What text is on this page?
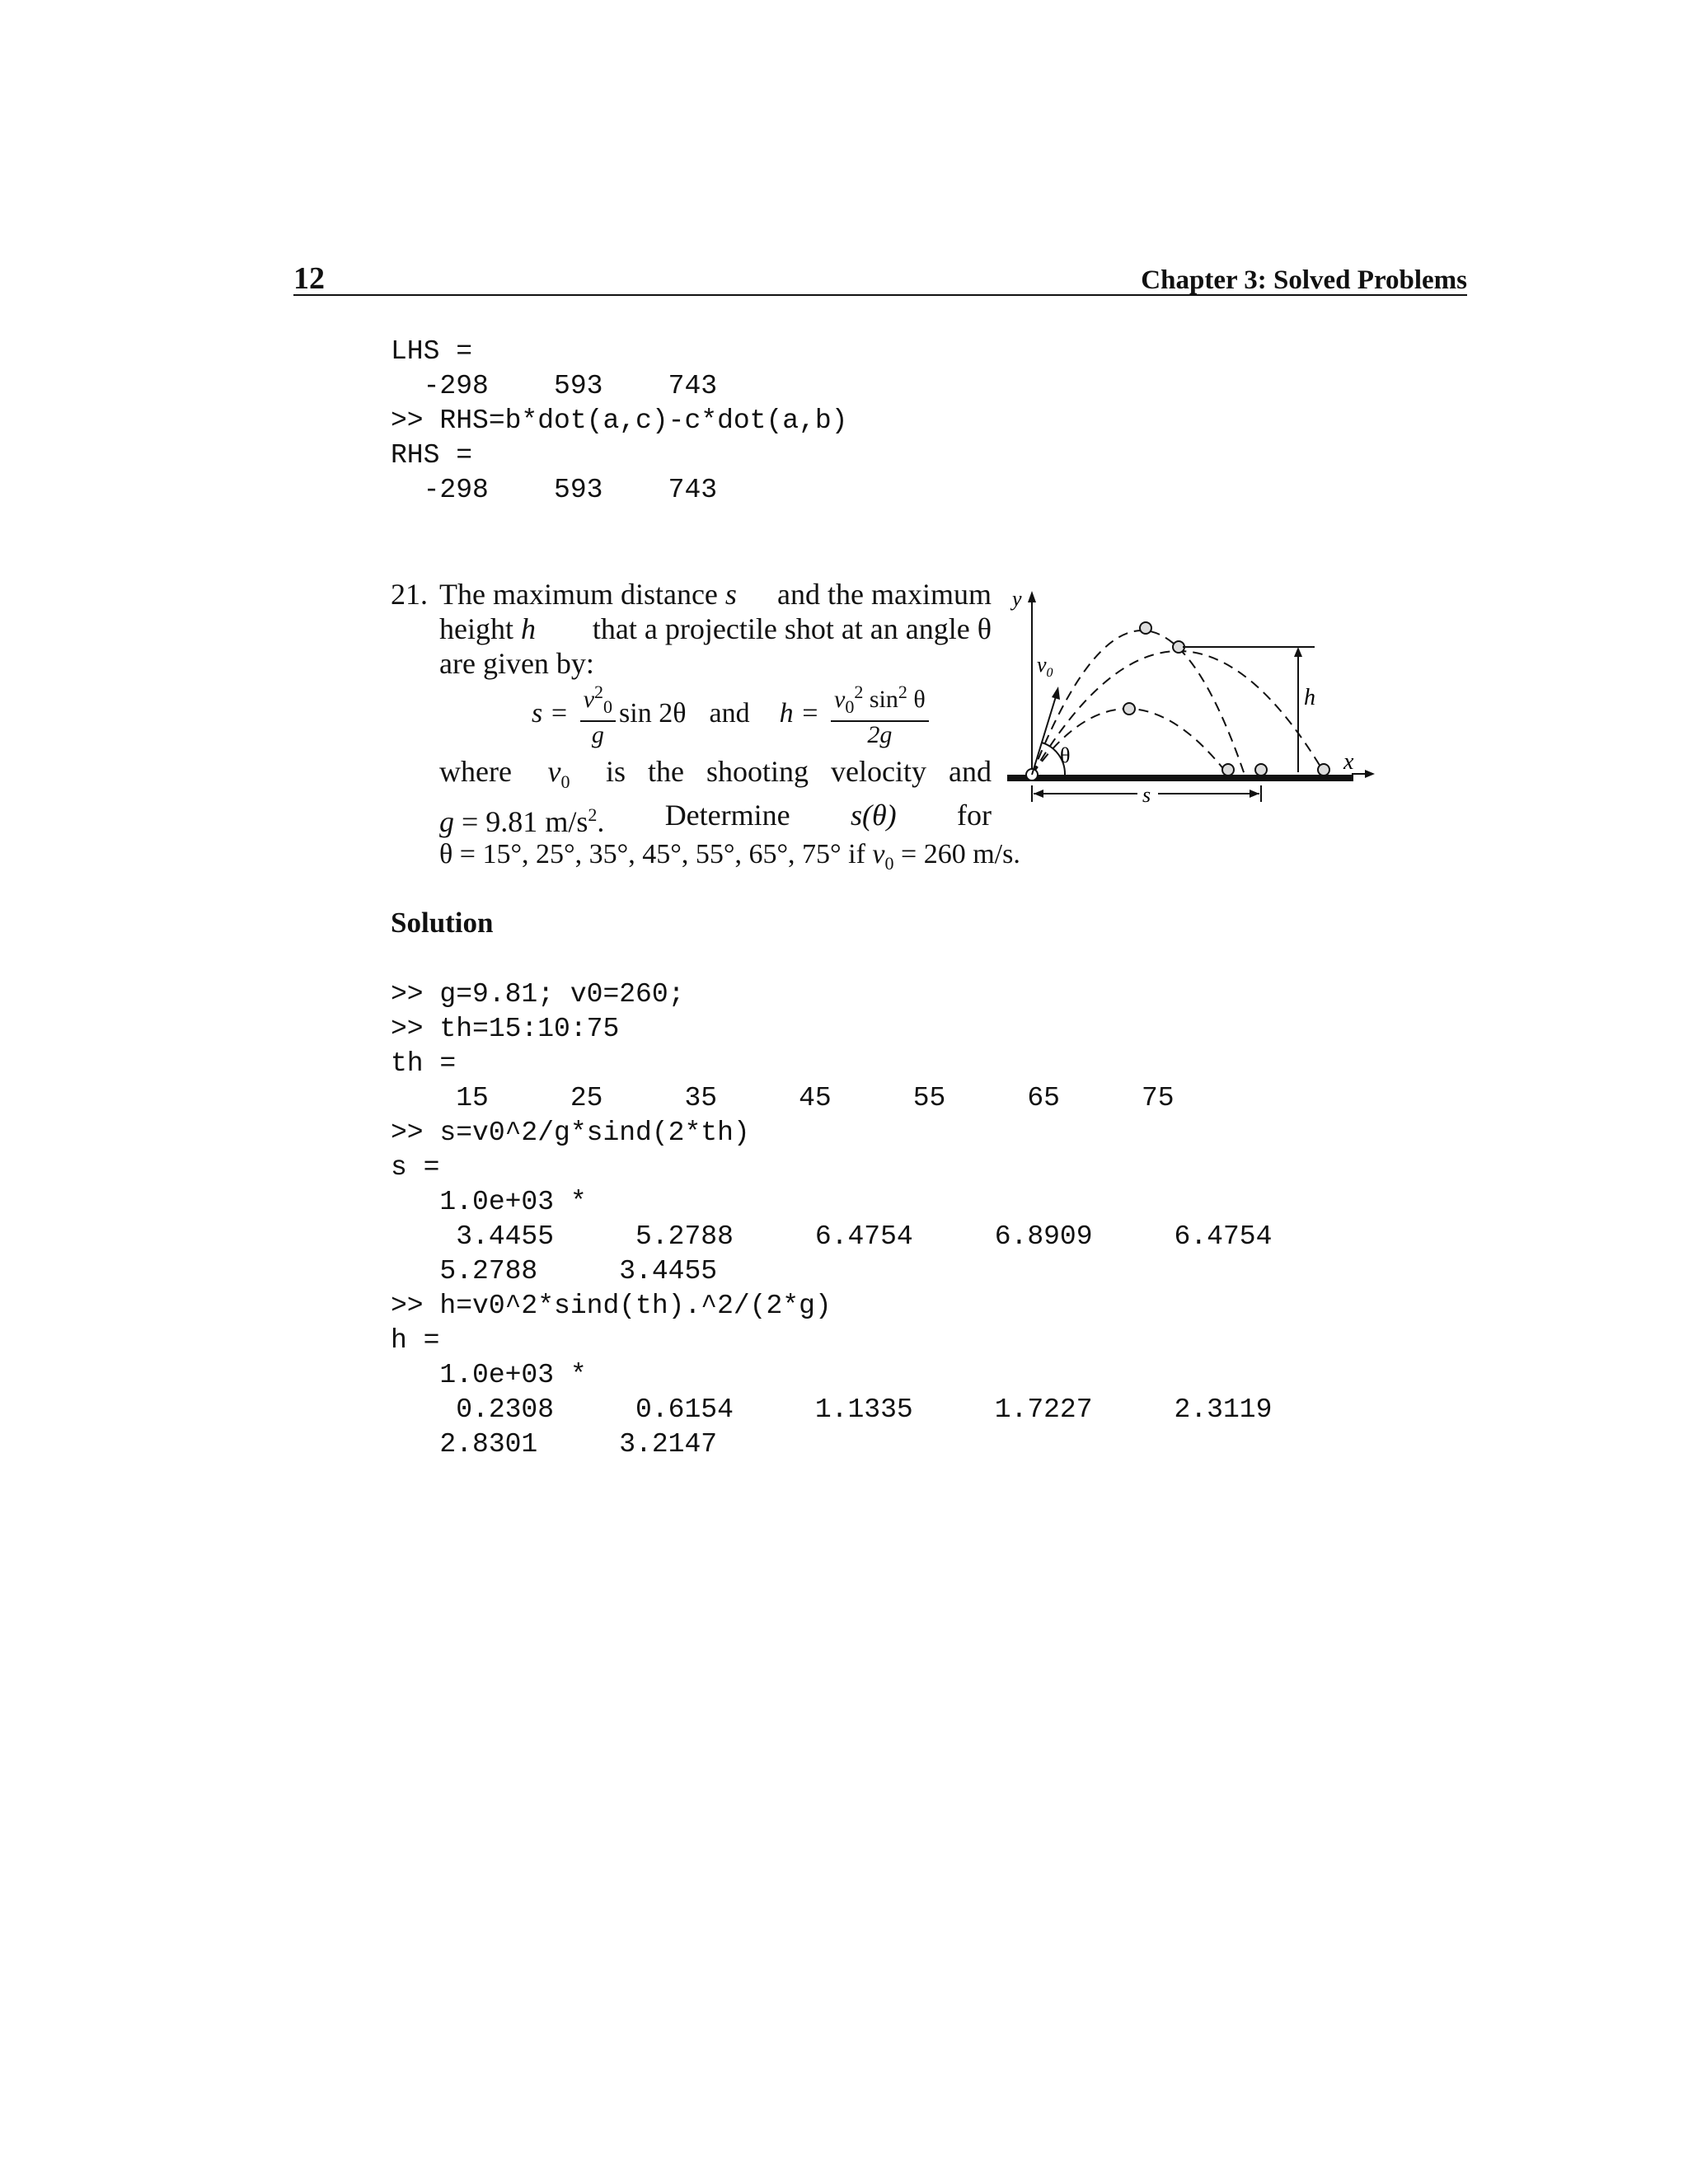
12	Chapter 3: Solved Problems

LHS =

-298    593    743

>> RHS=b*dot(a,c)-c*dot(a,b)

RHS =

-298    593    743

21. The maximum distance s and the maximum
height h that a projectile shot at an angle θ
are given by:
$s = \frac{v^2_0}{g}$ sin 2θ and $h = \frac{v_0^2 \sin^2 \theta}{2g}$
where $v_0$ is the shooting velocity and
g = 9.81 $m/s^2$. Determine s(θ) for
θ = 15°, 25°, 35°, 45°, 55°, 65°, 75° if $v_0 = 260$ m/s.
y
x
$v_0$
θ
h
s
Solution

>> g=9.81; v0=260;

>> th=15:10:75

th =

15     25     35     45     55     65     75

>> s=v0^2/g*sind(2*th)

s =

1.0e+03 *

3.4455     5.2788     6.4754     6.8909     6.4754

5.2788     3.4455

>> h=v0^2*sind(th).^2/(2*g)

h =

1.0e+03 *

0.2308     0.6154     1.1335     1.7227     2.3119

2.8301     3.2147
